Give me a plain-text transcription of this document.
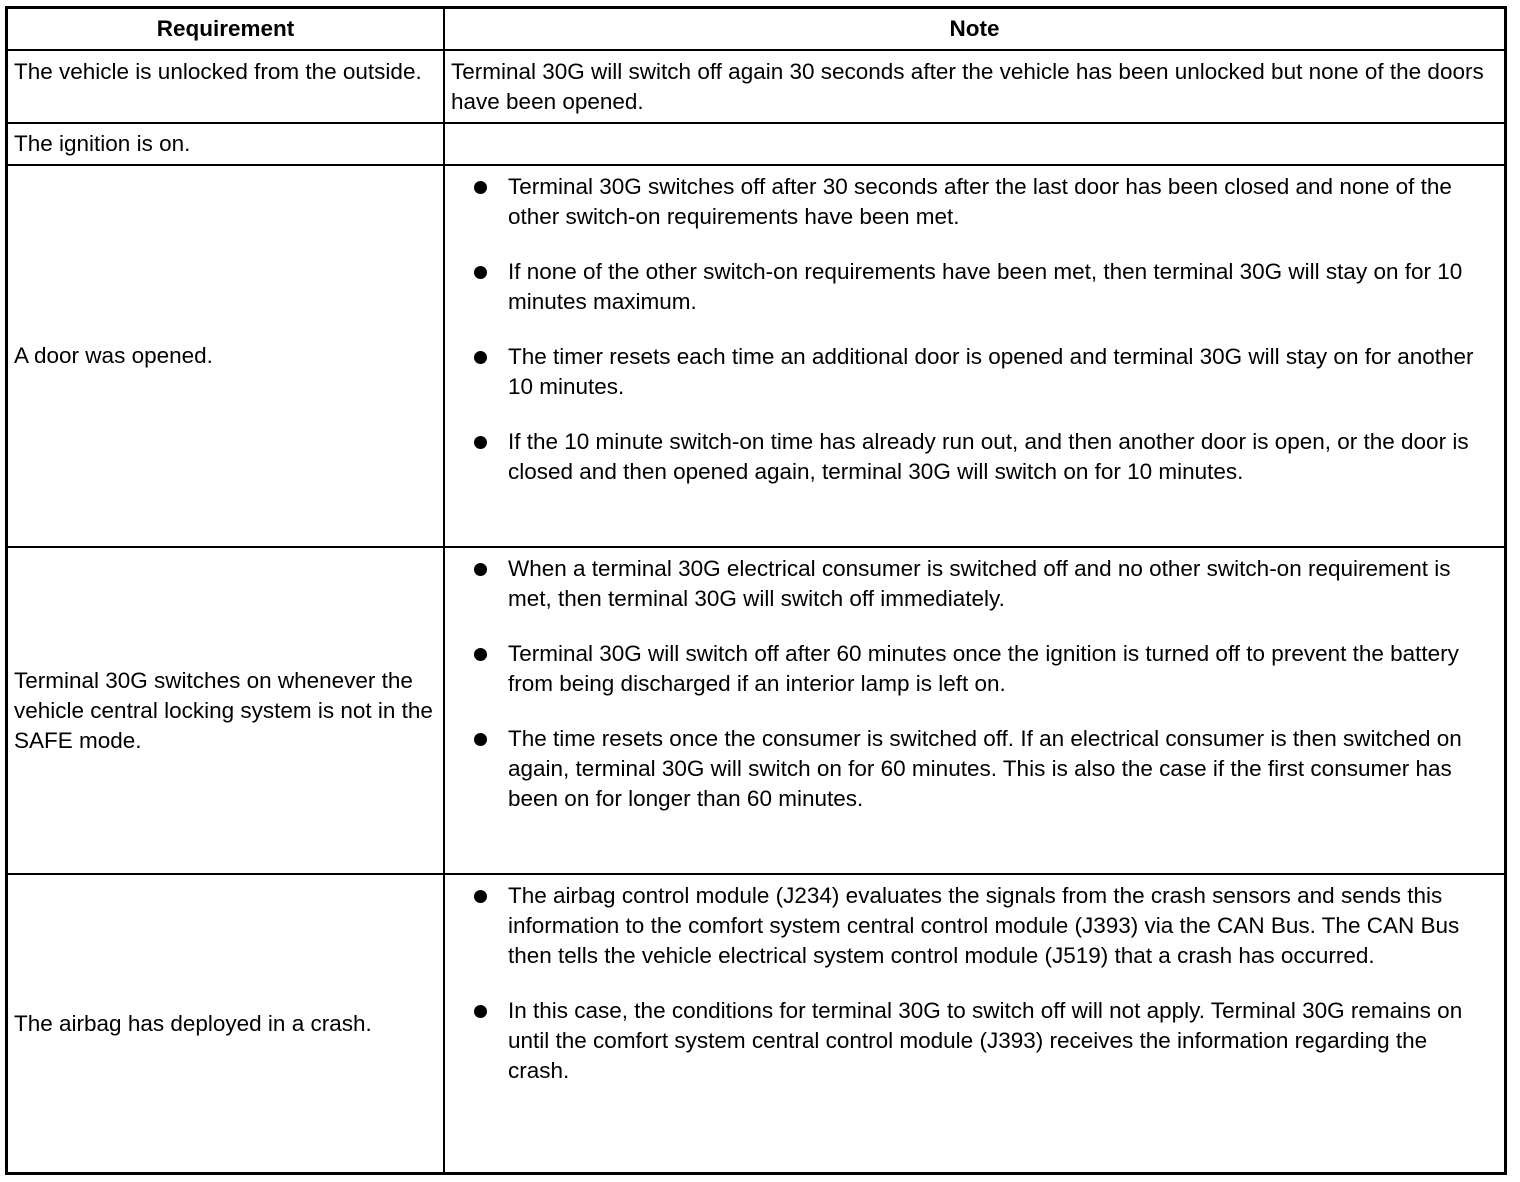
Requirement	Note
The vehicle is unlocked from the outside.	Terminal 30G will switch off again 30 seconds after the vehicle has been unlocked but none of the doors have been opened.
The ignition is on.
A door was opened.
Terminal 30G switches off after 30 seconds after the last door has been closed and none of the other switch-on requirements have been met.
If none of the other switch-on requirements have been met, then terminal 30G will stay on for 10 minutes maximum.
The timer resets each time an additional door is opened and terminal 30G will stay on for another 10 minutes.
If the 10 minute switch-on time has already run out, and then another door is open, or the door is closed and then opened again, terminal 30G will switch on for 10 minutes.
Terminal 30G switches on whenever the vehicle central locking system is not in the SAFE mode.
When a terminal 30G electrical consumer is switched off and no other switch-on requirement is met, then terminal 30G will switch off immediately.
Terminal 30G will switch off after 60 minutes once the ignition is turned off to prevent the battery from being discharged if an interior lamp is left on.
The time resets once the consumer is switched off. If an electrical consumer is then switched on again, terminal 30G will switch on for 60 minutes. This is also the case if the first consumer has been on for longer than 60 minutes.
The airbag has deployed in a crash.
The airbag control module (J234) evaluates the signals from the crash sensors and sends this information to the comfort system central control module (J393) via the CAN Bus. The CAN Bus then tells the vehicle electrical system control module (J519) that a crash has occurred.
In this case, the conditions for terminal 30G to switch off will not apply. Terminal 30G remains on until the comfort system central control module (J393) receives the information regarding the crash.
